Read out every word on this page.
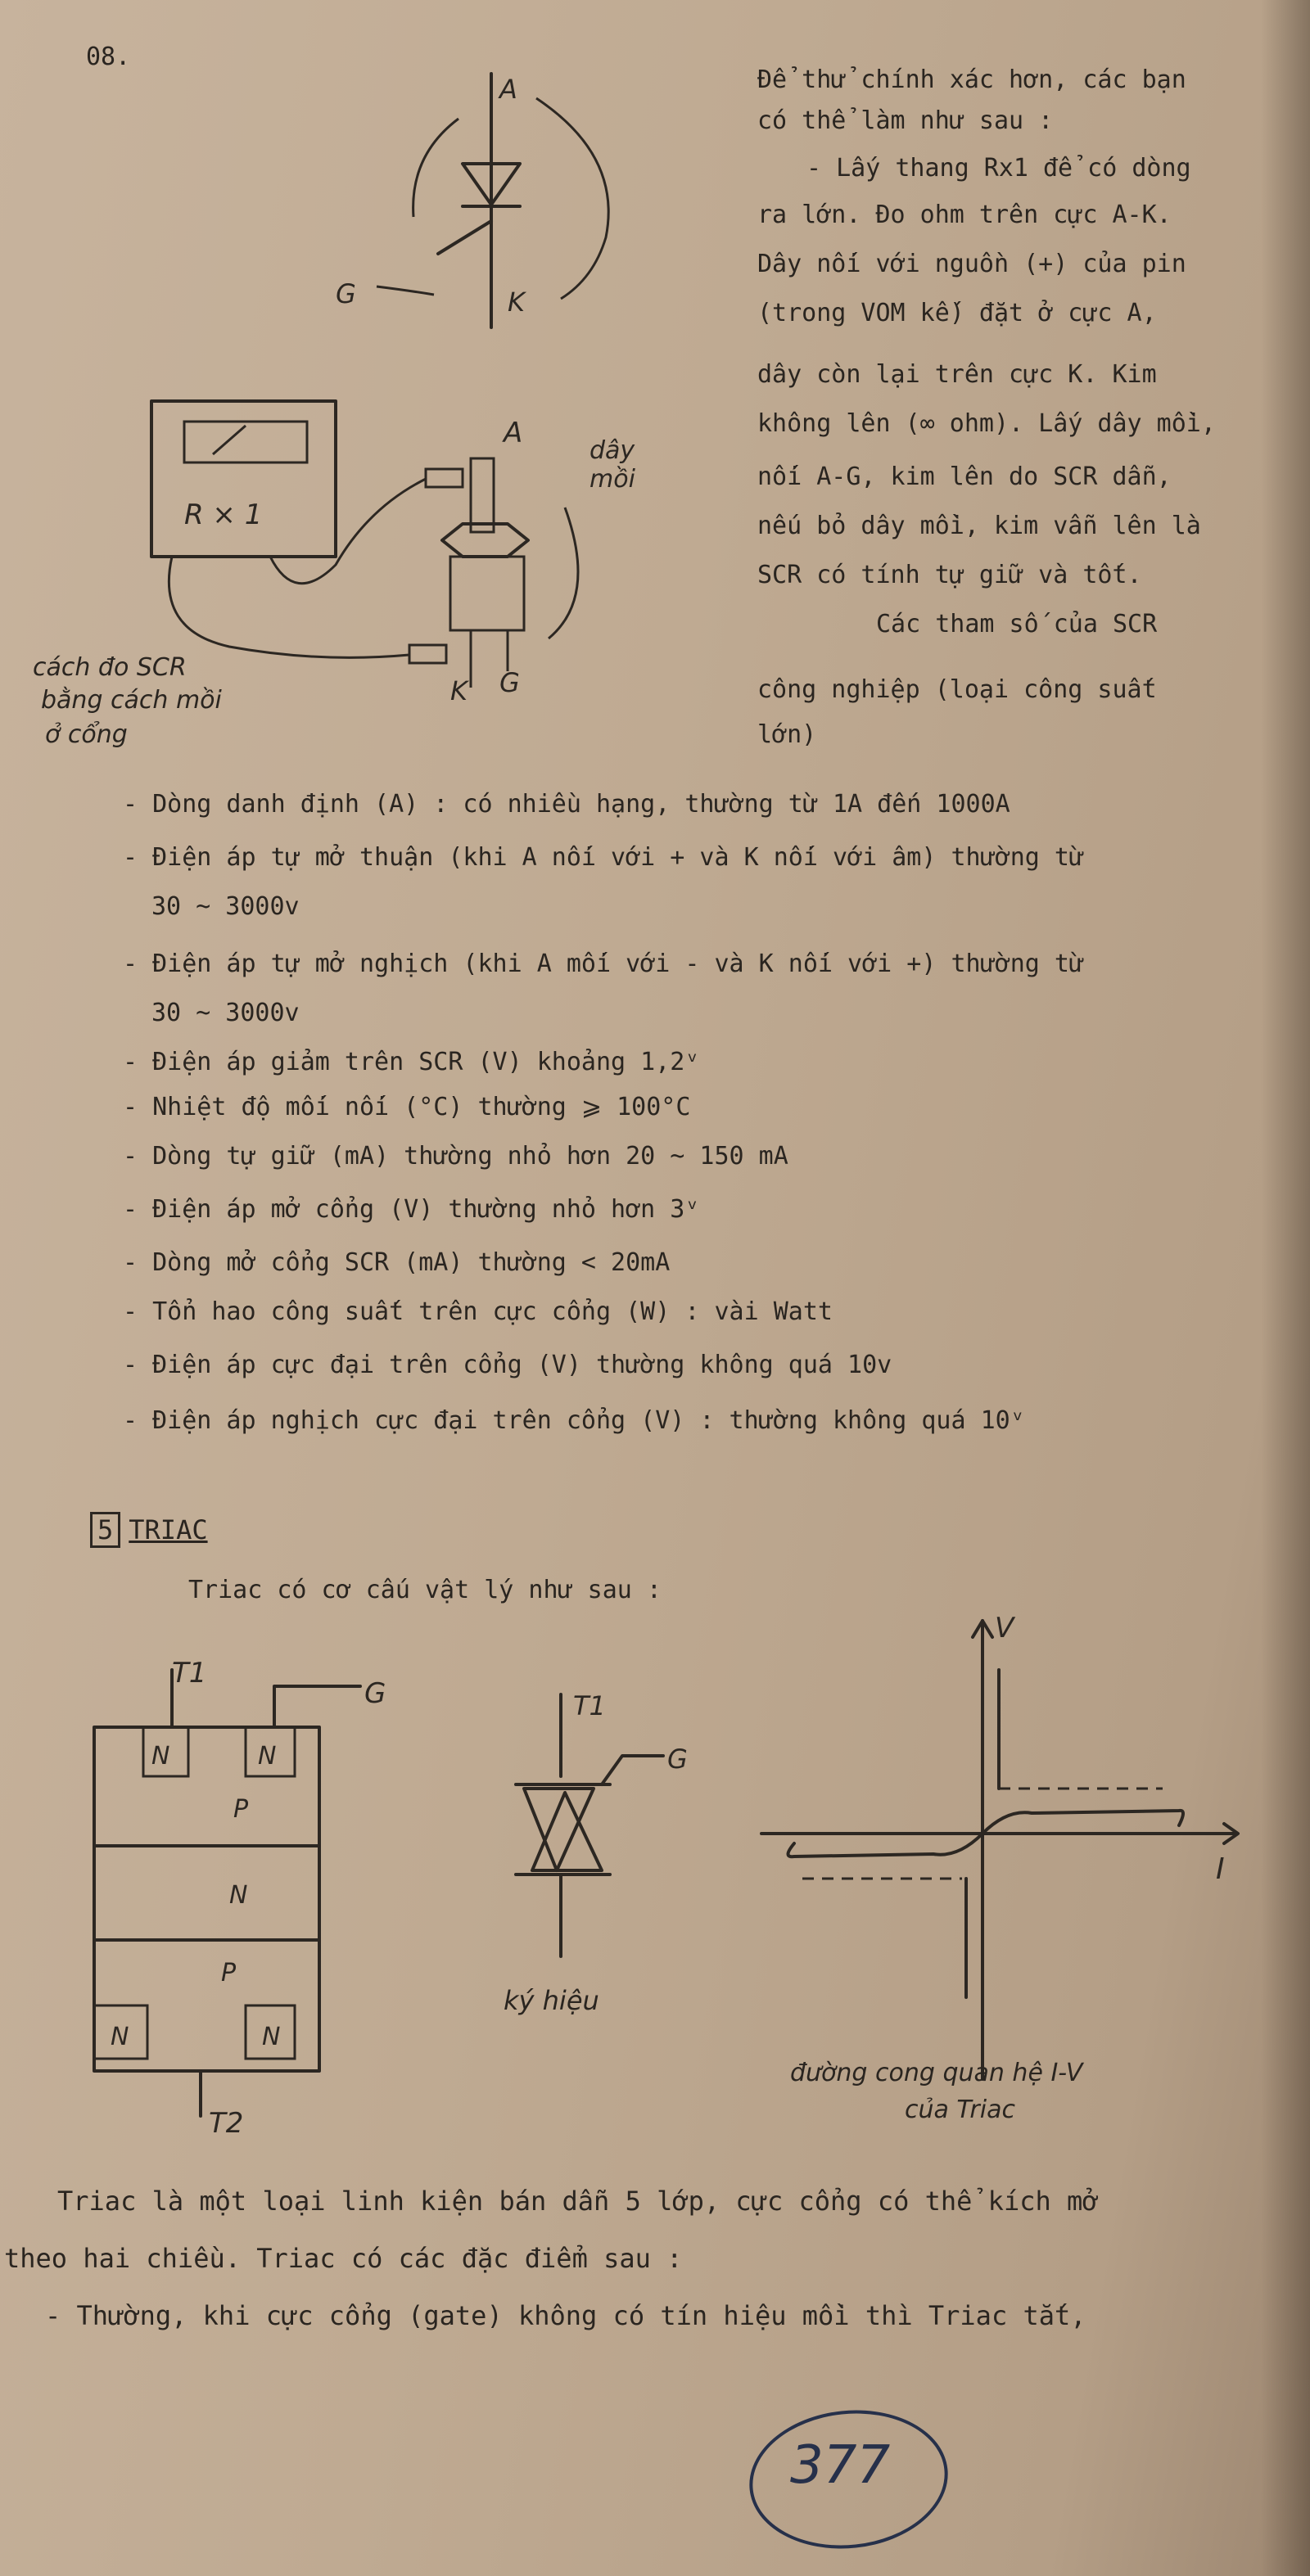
08.
A
G	K
R × 1
A
dây
mồi
K G
cách đo SCR
bằng cách mồi
ở cổng
Để thử chính xác hơn, các bạn
có thể làm như sau :
- Lấy thang Rx1 để có dòng
ra lớn. Đo ohm trên cực A-K.
Dây nối với nguồn (+) của pin
(trong VOM kế) đặt ở cực A,
dây còn lại trên cực K. Kim
không lên (∞ ohm). Lấy dây mồi,
nối A-G, kim lên do SCR dẫn,
nếu bỏ dây mồi, kim vẫn lên là
SCR có tính tự giữ và tốt.
Các tham số của SCR
công nghiệp (loại công suất
lớn)
- Dòng danh định (A) : có nhiều hạng, thường từ 1A đến 1000A
- Điện áp tự mở thuận (khi A nối với + và K nối với âm) thường từ
30 ~ 3000v
- Điện áp tự mở nghịch (khi A mối với - và K nối với +) thường từ
30 ~ 3000v
- Điện áp giảm trên SCR (V) khoảng 1,2ᵛ
- Nhiệt độ mối nối (°C) thường ⩾ 100°C
- Dòng tự giữ (mA) thường nhỏ hơn 20 ~ 150 mA
- Điện áp mở cổng (V) thường nhỏ hơn 3ᵛ
- Dòng mở cổng SCR (mA) thường < 20mA
- Tổn hao công suất trên cực cổng (W) : vài Watt
- Điện áp cực đại trên cổng (V) thường không quá 10v
- Điện áp nghịch cực đại trên cổng (V) : thường không quá 10ᵛ
5 TRIAC
Triac có cơ cấu vật lý như sau :
T1
G
T2
N	N
P
N
P
N	N
T1
G
ký hiệu
V
I
đường cong quan hệ I-V
của Triac
Triac là một loại linh kiện bán dẫn 5 lớp, cực cổng có thể kích mở
theo hai chiều. Triac có các đặc điểm sau :
- Thường, khi cực cổng (gate) không có tín hiệu mồi thì Triac tắt,
377
